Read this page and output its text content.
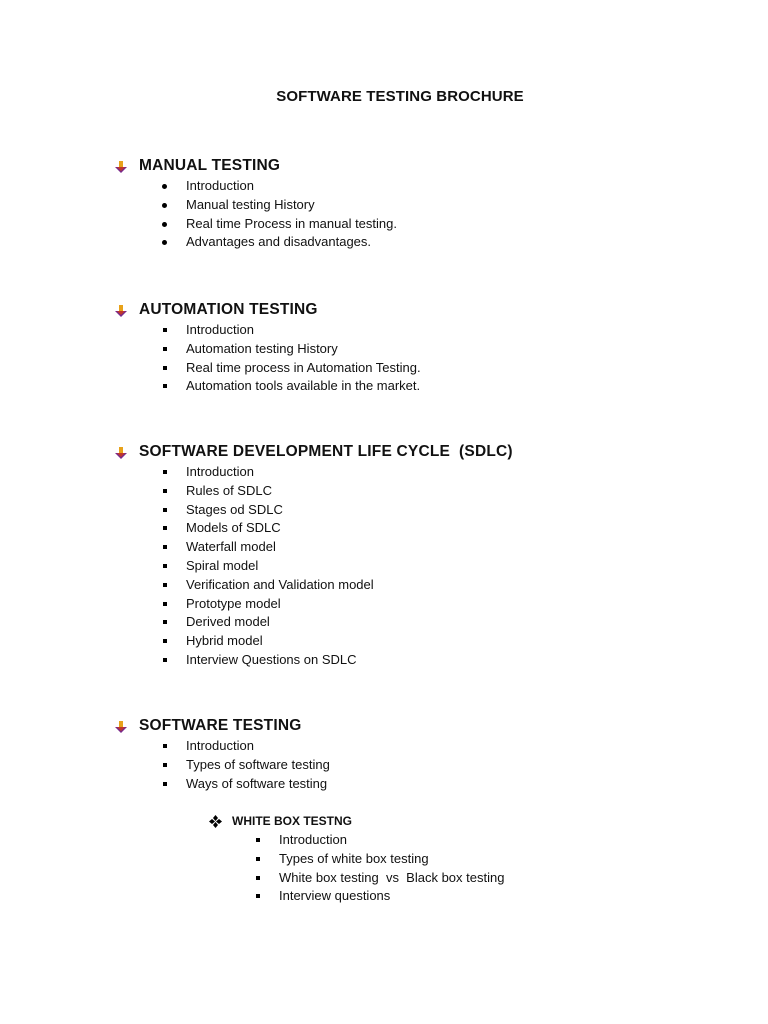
SOFTWARE TESTING BROCHURE
MANUAL TESTING
Introduction
Manual testing History
Real time Process in manual testing.
Advantages and disadvantages.
AUTOMATION TESTING
Introduction
Automation testing History
Real time process in Automation Testing.
Automation tools available in the market.
SOFTWARE DEVELOPMENT LIFE CYCLE  (SDLC)
Introduction
Rules of SDLC
Stages od SDLC
Models of SDLC
Waterfall model
Spiral model
Verification and Validation model
Prototype model
Derived model
Hybrid model
Interview Questions on SDLC
SOFTWARE TESTING
Introduction
Types of software testing
Ways of software testing
WHITE BOX TESTNG
Introduction
Types of white box testing
White box testing  vs  Black box testing
Interview questions
